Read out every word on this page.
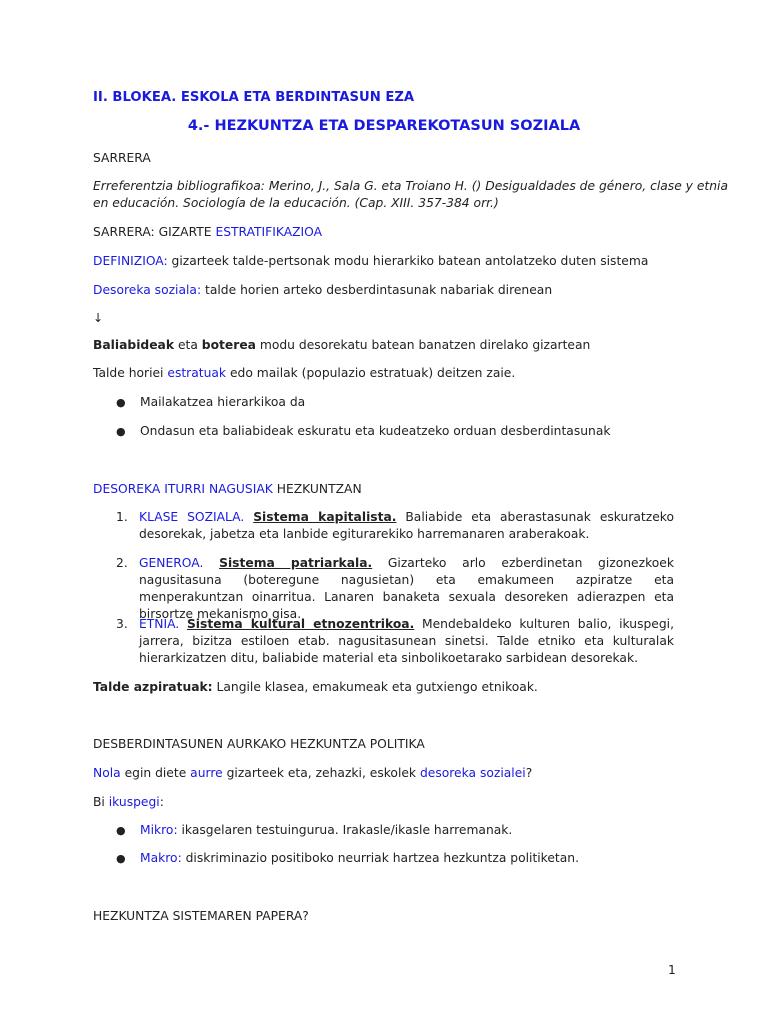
II. BLOKEA. ESKOLA ETA BERDINTASUN EZA
4.- HEZKUNTZA ETA DESPAREKOTASUN SOZIALA
SARRERA
Erreferentzia bibliografikoa: Merino, J., Sala G. eta Troiano H. () Desigualdades de género, clase y etnia
en educación. Sociología de la educación. (Cap. XIII. 357-384 orr.)
SARRERA: GIZARTE ESTRATIFIKAZIOA
DEFINIZIOA: gizarteek talde-pertsonak modu hierarkiko batean antolatzeko duten sistema
Desoreka soziala: talde horien arteko desberdintasunak nabariak direnean
↓
Baliabideak eta boterea modu desorekatu batean banatzen direlako gizartean
Talde horiei estratuak edo mailak (populazio estratuak) deitzen zaie.
● Mailakatzea hierarkikoa da
● Ondasun eta baliabideak eskuratu eta kudeatzeko orduan desberdintasunak
DESOREKA ITURRI NAGUSIAK HEZKUNTZAN
1. KLASE SOZIALA. Sistema kapitalista. Baliabide eta aberastasunak eskuratzeko desorekak, jabetza eta lanbide egiturarekiko harremanaren araberakoak.
2. GENEROA. Sistema patriarkala. Gizarteko arlo ezberdinetan gizonezkoek nagusitasuna (boteregune nagusietan) eta emakumeen azpiratze eta menperakuntzan oinarritua. Lanaren banaketa sexuala desoreken adierazpen eta birsortze mekanismo gisa.
3. ETNIA. Sistema kultural etnozentrikoa. Mendebaldeko kulturen balio, ikuspegi, jarrera, bizitza estiloen etab. nagusitasunean sinetsi. Talde etniko eta kulturalak hierarkizatzen ditu, baliabide material eta sinbolikoetarako sarbidean desorekak.
Talde azpiratuak: Langile klasea, emakumeak eta gutxiengo etnikoak.
DESBERDINTASUNEN AURKAKO HEZKUNTZA POLITIKA
Nola egin diete aurre gizarteek eta, zehazki, eskolek desoreka sozialei?
Bi ikuspegi:
● Mikro: ikasgelaren testuingurua. Irakasle/ikasle harremanak.
● Makro: diskriminazio positiboko neurriak hartzea hezkuntza politiketan.
HEZKUNTZA SISTEMAREN PAPERA?
1
